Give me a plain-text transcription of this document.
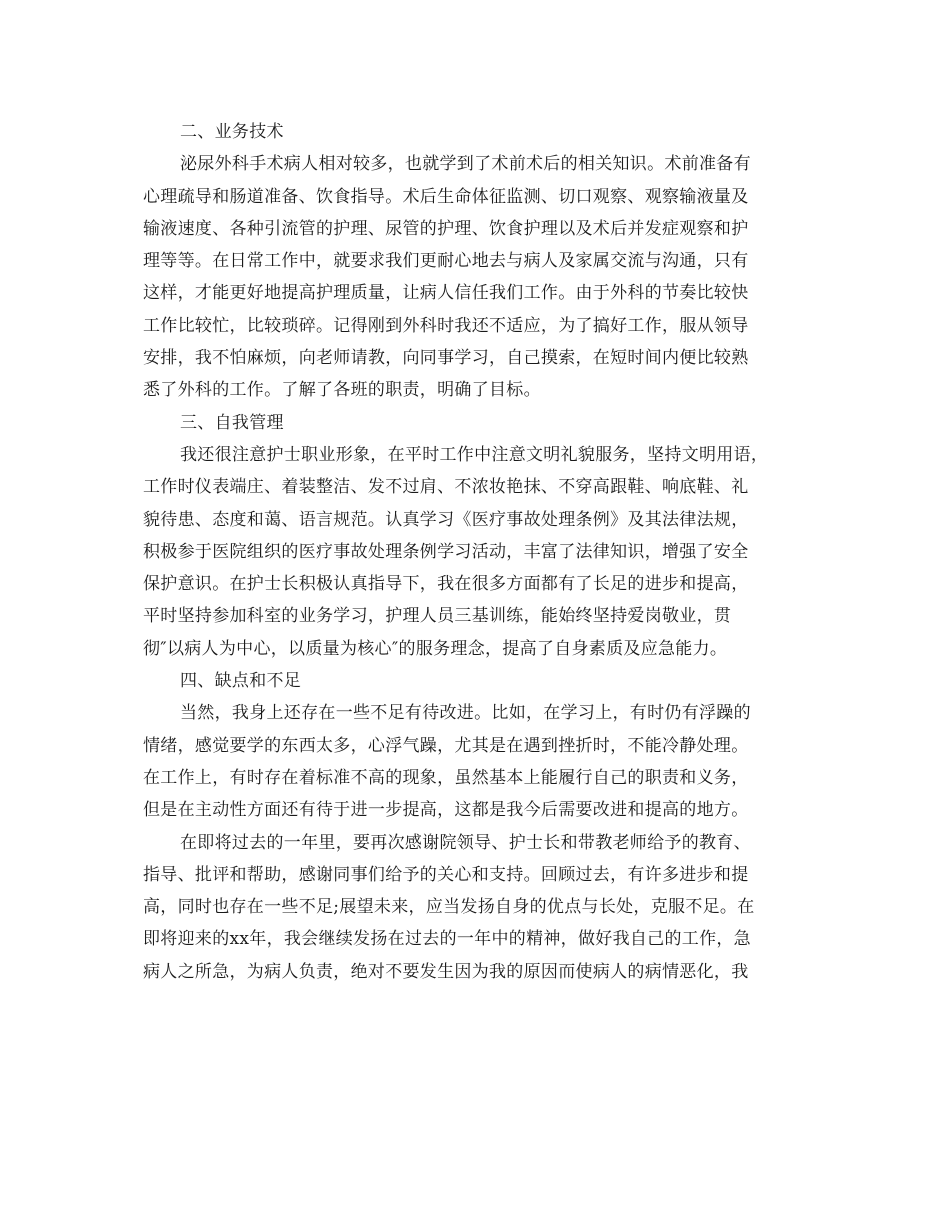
二、业务技术
泌尿外科手术病人相对较多，也就学到了术前术后的相关知识。术前准备有
心理疏导和肠道准备、饮食指导。术后生命体征监测、切口观察、观察输液量及
输液速度、各种引流管的护理、尿管的护理、饮食护理以及术后并发症观察和护
理等等。在日常工作中，就要求我们更耐心地去与病人及家属交流与沟通，只有
这样，才能更好地提高护理质量，让病人信任我们工作。由于外科的节奏比较快
工作比较忙，比较琐碎。记得刚到外科时我还不适应，为了搞好工作，服从领导
安排，我不怕麻烦，向老师请教，向同事学习，自己摸索，在短时间内便比较熟
悉了外科的工作。了解了各班的职责，明确了目标。
三、自我管理
我还很注意护士职业形象，在平时工作中注意文明礼貌服务，坚持文明用语，
工作时仪表端庄、着装整洁、发不过肩、不浓妆艳抹、不穿高跟鞋、响底鞋、礼
貌待患、态度和蔼、语言规范。认真学习《医疗事故处理条例》及其法律法规，
积极参于医院组织的医疗事故处理条例学习活动，丰富了法律知识，增强了安全
保护意识。在护士长积极认真指导下，我在很多方面都有了长足的进步和提高，
平时坚持参加科室的业务学习，护理人员三基训练，能始终坚持爱岗敬业，贯
彻″以病人为中心，以质量为核心″的服务理念，提高了自身素质及应急能力。
四、缺点和不足
当然，我身上还存在一些不足有待改进。比如，在学习上，有时仍有浮躁的
情绪，感觉要学的东西太多，心浮气躁，尤其是在遇到挫折时，不能冷静处理。
在工作上，有时存在着标准不高的现象，虽然基本上能履行自己的职责和义务，
但是在主动性方面还有待于进一步提高，这都是我今后需要改进和提高的地方。
在即将过去的一年里，要再次感谢院领导、护士长和带教老师给予的教育、
指导、批评和帮助，感谢同事们给予的关心和支持。回顾过去，有许多进步和提
高，同时也存在一些不足;展望未来，应当发扬自身的优点与长处，克服不足。在
即将迎来的xx年，我会继续发扬在过去的一年中的精神，做好我自己的工作，急
病人之所急，为病人负责，绝对不要发生因为我的原因而使病人的病情恶化，我
